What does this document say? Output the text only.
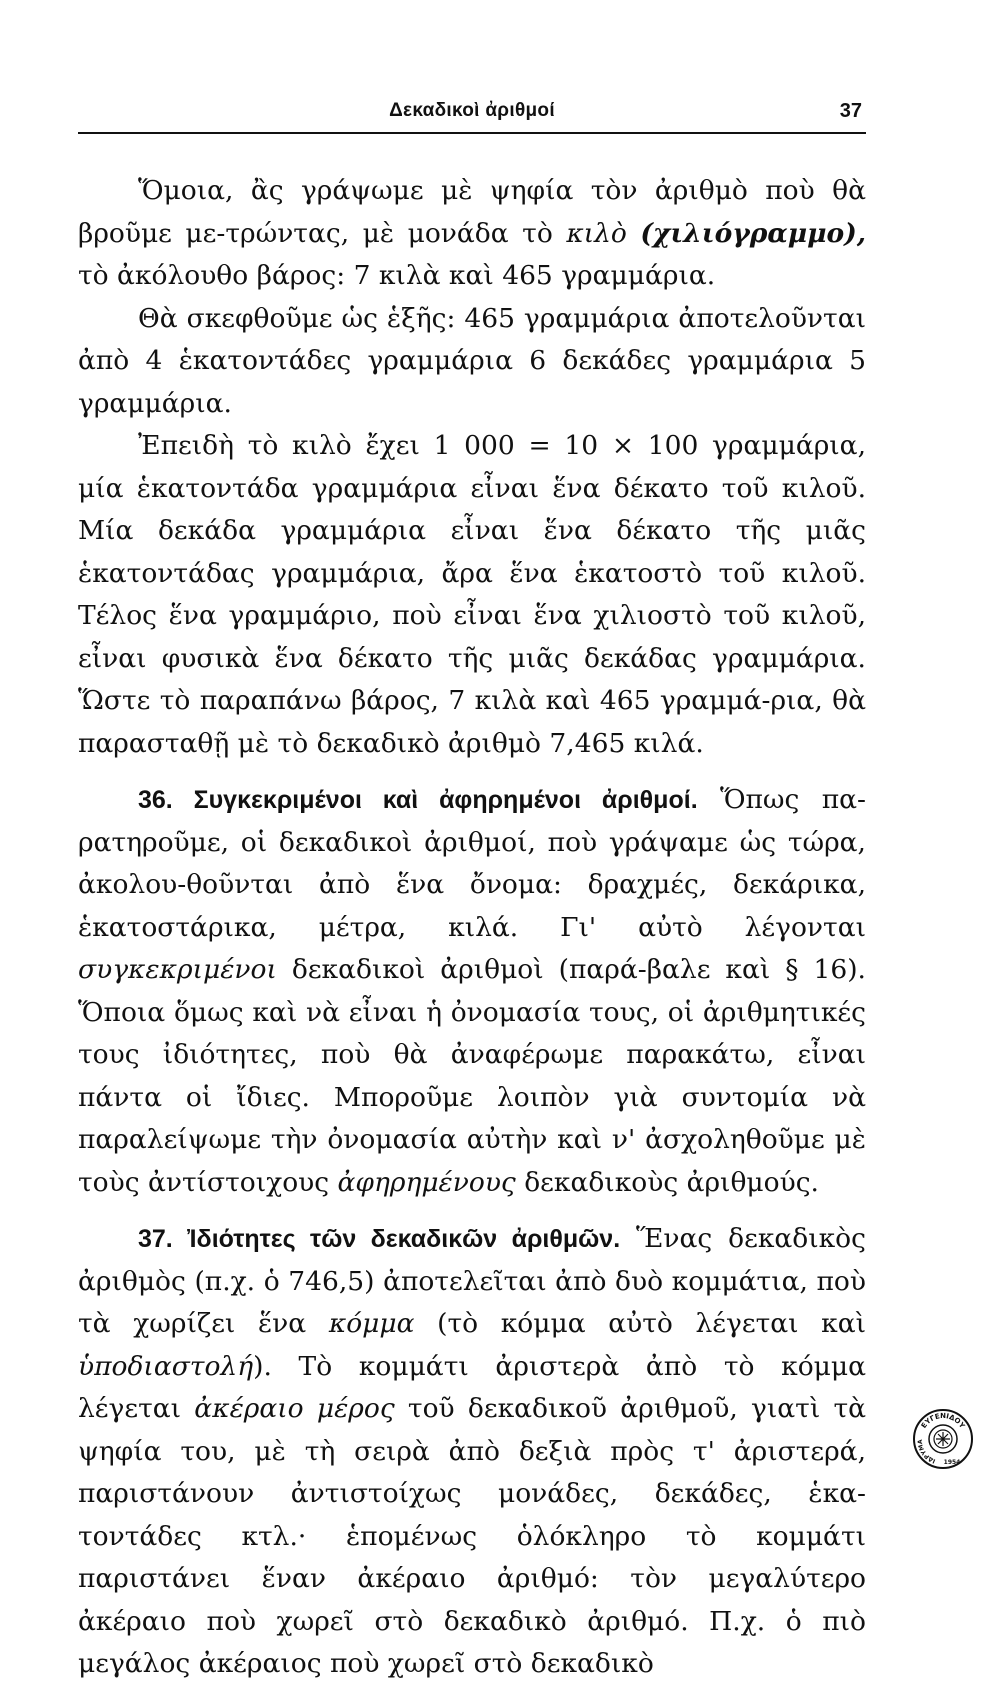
Δεκαδικοὶ ἀριθμοί	37

Ὅμοια, ἂς γράψωμε μὲ ψηφία τὸν ἀριθμὸ ποὺ θὰ βροῦμε με-τρώντας, μὲ μονάδα τὸ κιλὸ (χιλιόγραμμο), τὸ ἀκόλουθο βάρος: 7 κιλὰ καὶ 465 γραμμάρια.

Θὰ σκεφθοῦμε ὡς ἑξῆς: 465 γραμμάρια ἀποτελοῦνται ἀπὸ 4 ἑκατοντάδες γραμμάρια 6 δεκάδες γραμμάρια 5 γραμμάρια.

Ἐπειδὴ τὸ κιλὸ ἔχει 1 000 = 10 × 100 γραμμάρια, μία ἑκατοντάδα γραμμάρια εἶναι ἕνα δέκατο τοῦ κιλοῦ. Μία δεκάδα γραμμάρια εἶναι ἕνα δέκατο τῆς μιᾶς ἑκατοντάδας γραμμάρια, ἄρα ἕνα ἑκατοστὸ τοῦ κιλοῦ. Τέλος ἕνα γραμμάριο, ποὺ εἶναι ἕνα χιλιοστὸ τοῦ κιλοῦ, εἶναι φυσικὰ ἕνα δέκατο τῆς μιᾶς δεκάδας γραμμάρια. Ὥστε τὸ παραπάνω βάρος, 7 κιλὰ καὶ 465 γραμμά-ρια, θὰ παρασταθῇ μὲ τὸ δεκαδικὸ ἀριθμὸ 7,465 κιλά.

36. Συγκεκριμένοι καὶ ἀφηρημένοι ἀριθμοί. Ὅπως πα-ρατηροῦμε, οἱ δεκαδικοὶ ἀριθμοί, ποὺ γράψαμε ὡς τώρα, ἀκολου-θοῦνται ἀπὸ ἕνα ὄνομα: δραχμές, δεκάρικα, ἑκατοστάρικα, μέτρα, κιλά. Γι' αὐτὸ λέγονται συγκεκριμένοι δεκαδικοὶ ἀριθμοὶ (παρά-βαλε καὶ § 16). Ὅποια ὅμως καὶ νὰ εἶναι ἡ ὀνομασία τους, οἱ ἀριθμητικές τους ἰδιότητες, ποὺ θὰ ἀναφέρωμε παρακάτω, εἶναι πάντα οἱ ἴδιες. Μποροῦμε λοιπὸν γιὰ συντομία νὰ παραλείψωμε τὴν ὀνομασία αὐτὴν καὶ ν' ἀσχοληθοῦμε μὲ τοὺς ἀντίστοιχους ἀφηρημένους δεκαδικοὺς ἀριθμούς.

37. Ἰδιότητες τῶν δεκαδικῶν ἀριθμῶν. Ἕνας δεκαδικὸς ἀριθμὸς (π.χ. ὁ 746,5) ἀποτελεῖται ἀπὸ δυὸ κομμάτια, ποὺ τὰ χωρίζει ἕνα κόμμα (τὸ κόμμα αὐτὸ λέγεται καὶ ὑποδιαστολή). Τὸ κομμάτι ἀριστερὰ ἀπὸ τὸ κόμμα λέγεται ἀκέραιο μέρος τοῦ δεκαδικοῦ ἀριθμοῦ, γιατὶ τὰ ψηφία του, μὲ τὴ σειρὰ ἀπὸ δεξιὰ πρὸς τ' ἀριστερά, παριστάνουν ἀντιστοίχως μονάδες, δεκάδες, ἑκα-τοντάδες κτλ.· ἑπομένως ὁλόκληρο τὸ κομμάτι παριστάνει ἕναν ἀκέραιο ἀριθμό: τὸν μεγαλύτερο ἀκέραιο ποὺ χωρεῖ στὸ δεκαδικὸ ἀριθμό. Π.χ. ὁ πιὸ μεγάλος ἀκέραιος ποὺ χωρεῖ στὸ δεκαδικὸ

ΕΥΓΕΝΙΔΟΥ
ΙΔΡΥΜΑ
1954
